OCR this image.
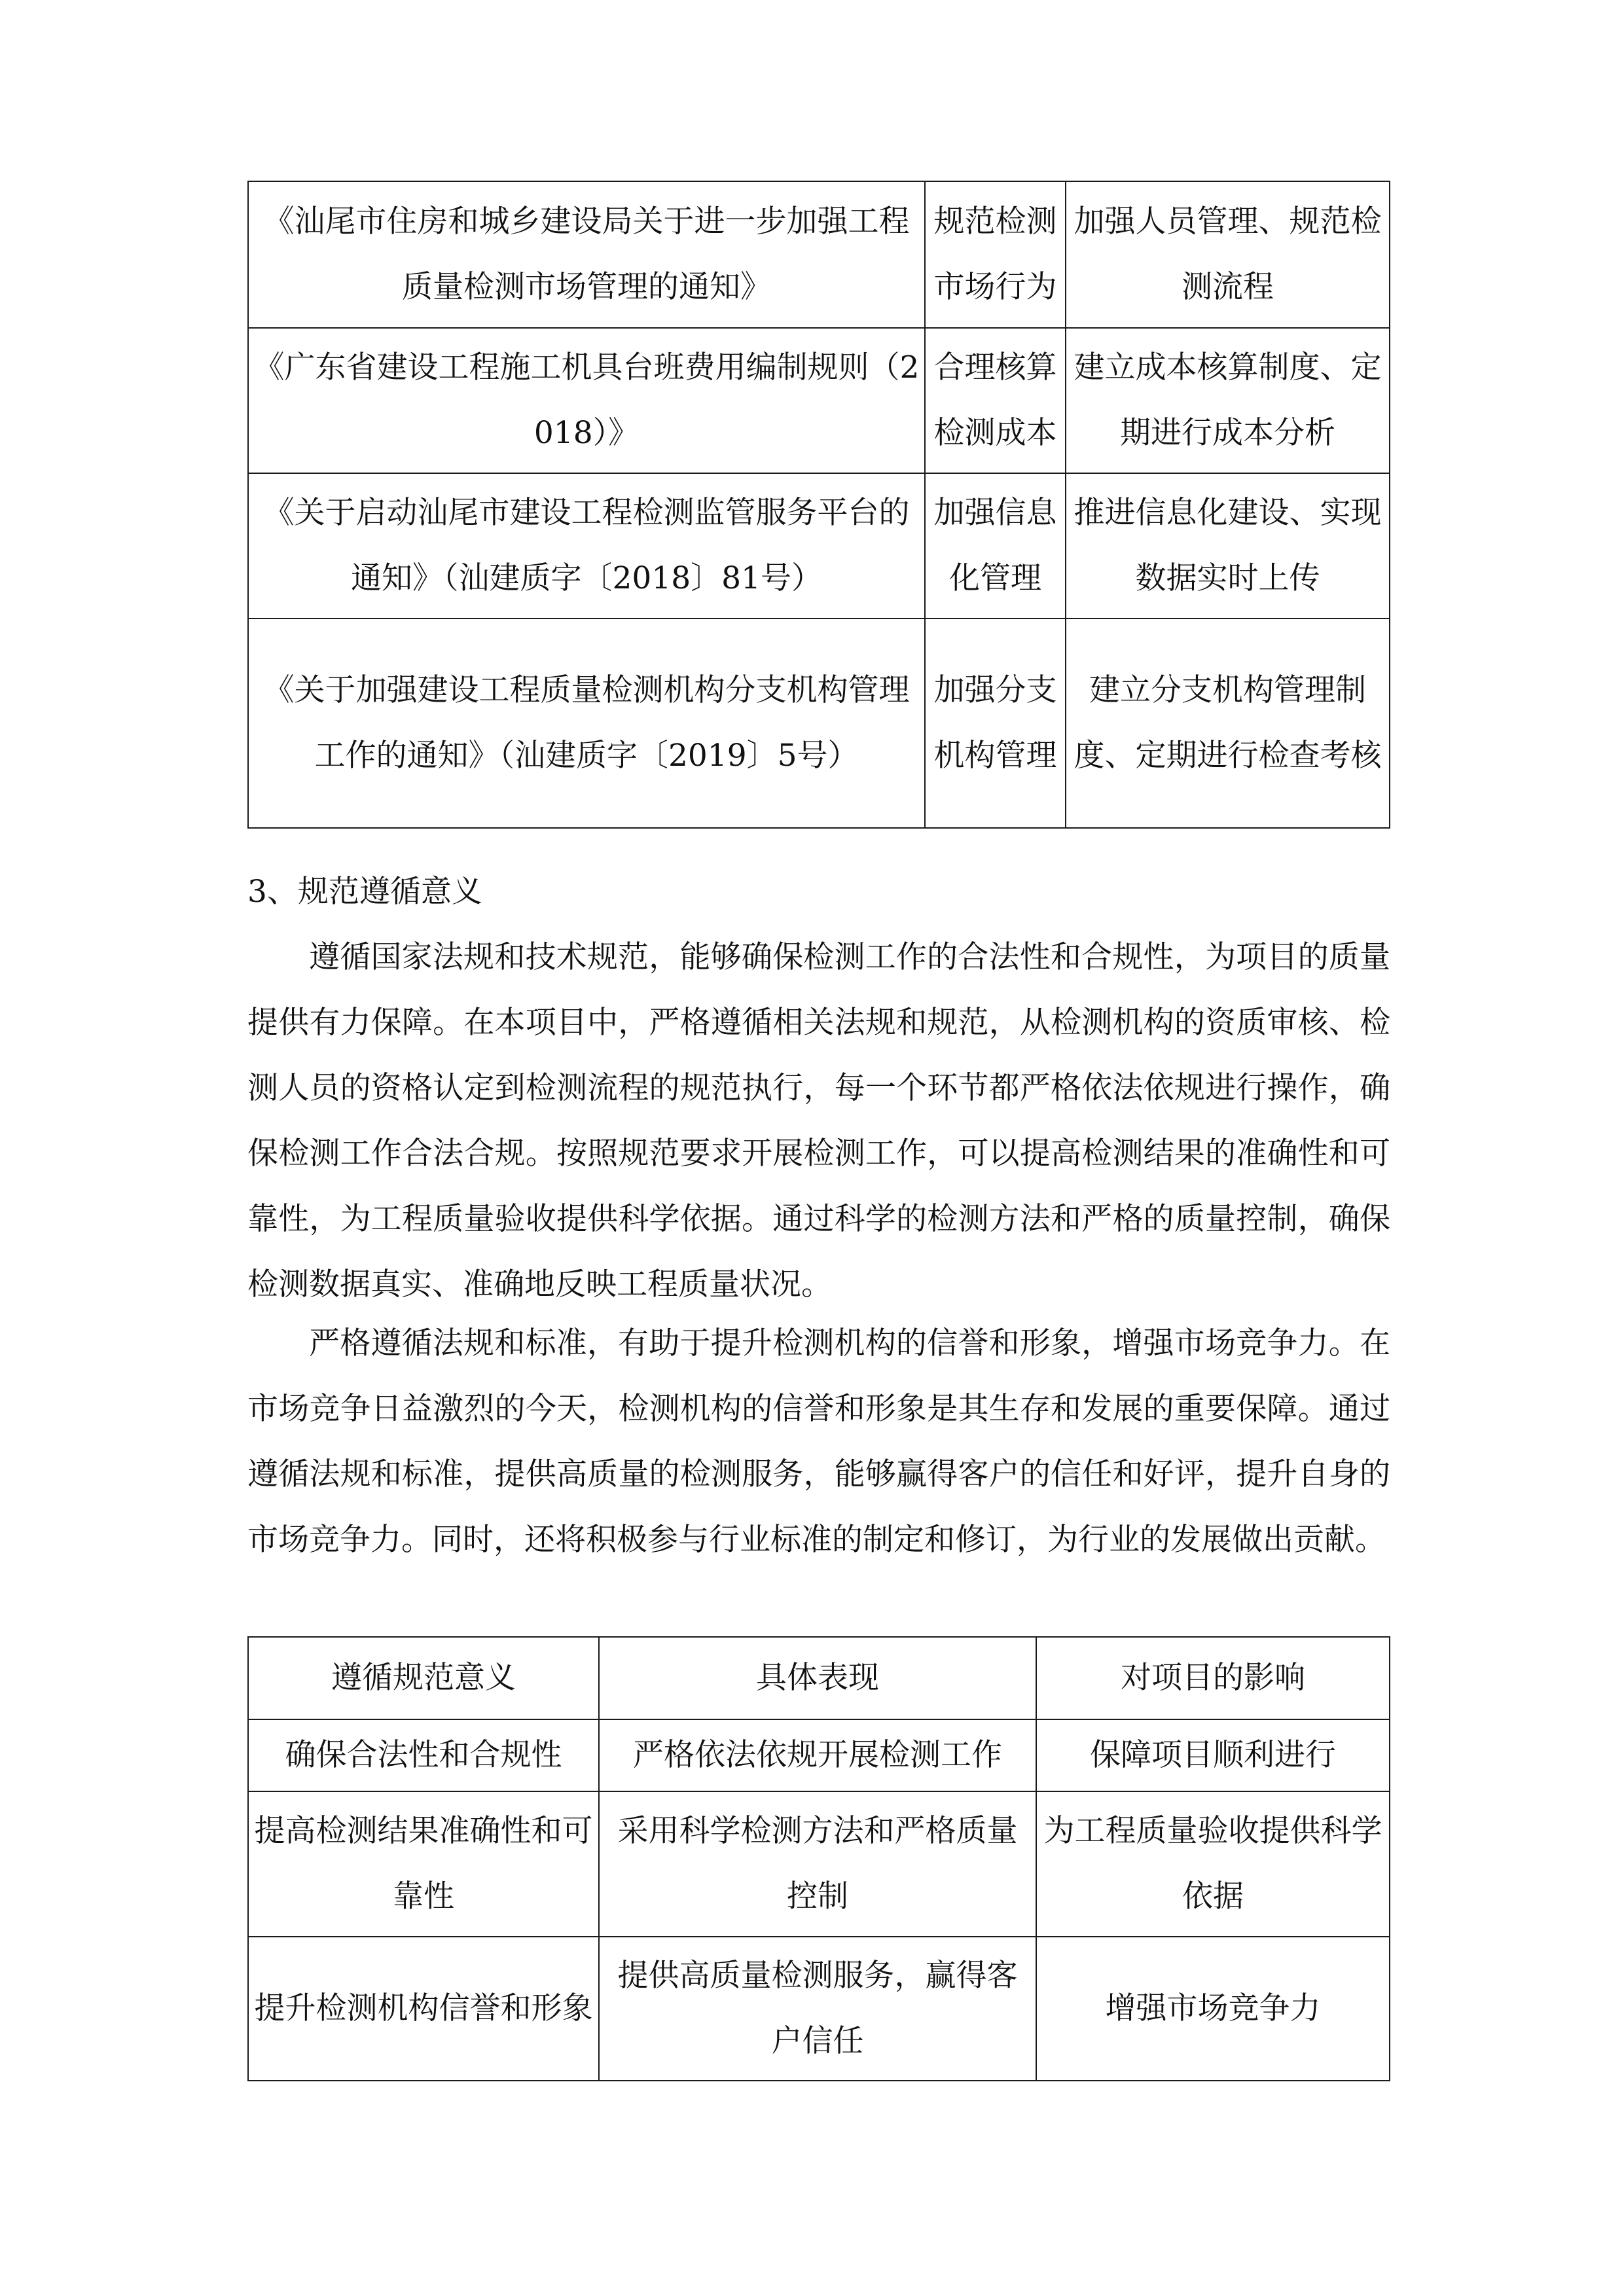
《汕尾市住房和城乡建设局关于进一步加强工程质量检测市场管理的通知》	规范检测市场行为	加强人员管理、规范检测流程
《广东省建设工程施工机具台班费用编制规则（2018）》	合理核算检测成本	建立成本核算制度、定期进行成本分析
《关于启动汕尾市建设工程检测监管服务平台的通知》（汕建质字〔2018〕81号）	加强信息化管理	推进信息化建设、实现数据实时上传
《关于加强建设工程质量检测机构分支机构管理工作的通知》（汕建质字〔2019〕5号）	加强分支机构管理	建立分支机构管理制度、定期进行检查考核
3、规范遵循意义

遵循国家法规和技术规范，能够确保检测工作的合法性和合规性，为项目的质量提供有力保障。在本项目中，严格遵循相关法规和规范，从检测机构的资质审核、检测人员的资格认定到检测流程的规范执行，每一个环节都严格依法依规进行操作，确保检测工作合法合规。按照规范要求开展检测工作，可以提高检测结果的准确性和可靠性，为工程质量验收提供科学依据。通过科学的检测方法和严格的质量控制，确保检测数据真实、准确地反映工程质量状况。

严格遵循法规和标准，有助于提升检测机构的信誉和形象，增强市场竞争力。在市场竞争日益激烈的今天，检测机构的信誉和形象是其生存和发展的重要保障。通过遵循法规和标准，提供高质量的检测服务，能够赢得客户的信任和好评，提升自身的市场竞争力。同时，还将积极参与行业标准的制定和修订，为行业的发展做出贡献。

遵循规范意义	具体表现	对项目的影响
确保合法性和合规性	严格依法依规开展检测工作	保障项目顺利进行
提高检测结果准确性和可靠性	采用科学检测方法和严格质量控制	为工程质量验收提供科学依据
提升检测机构信誉和形象	提供高质量检测服务，赢得客户信任	增强市场竞争力
